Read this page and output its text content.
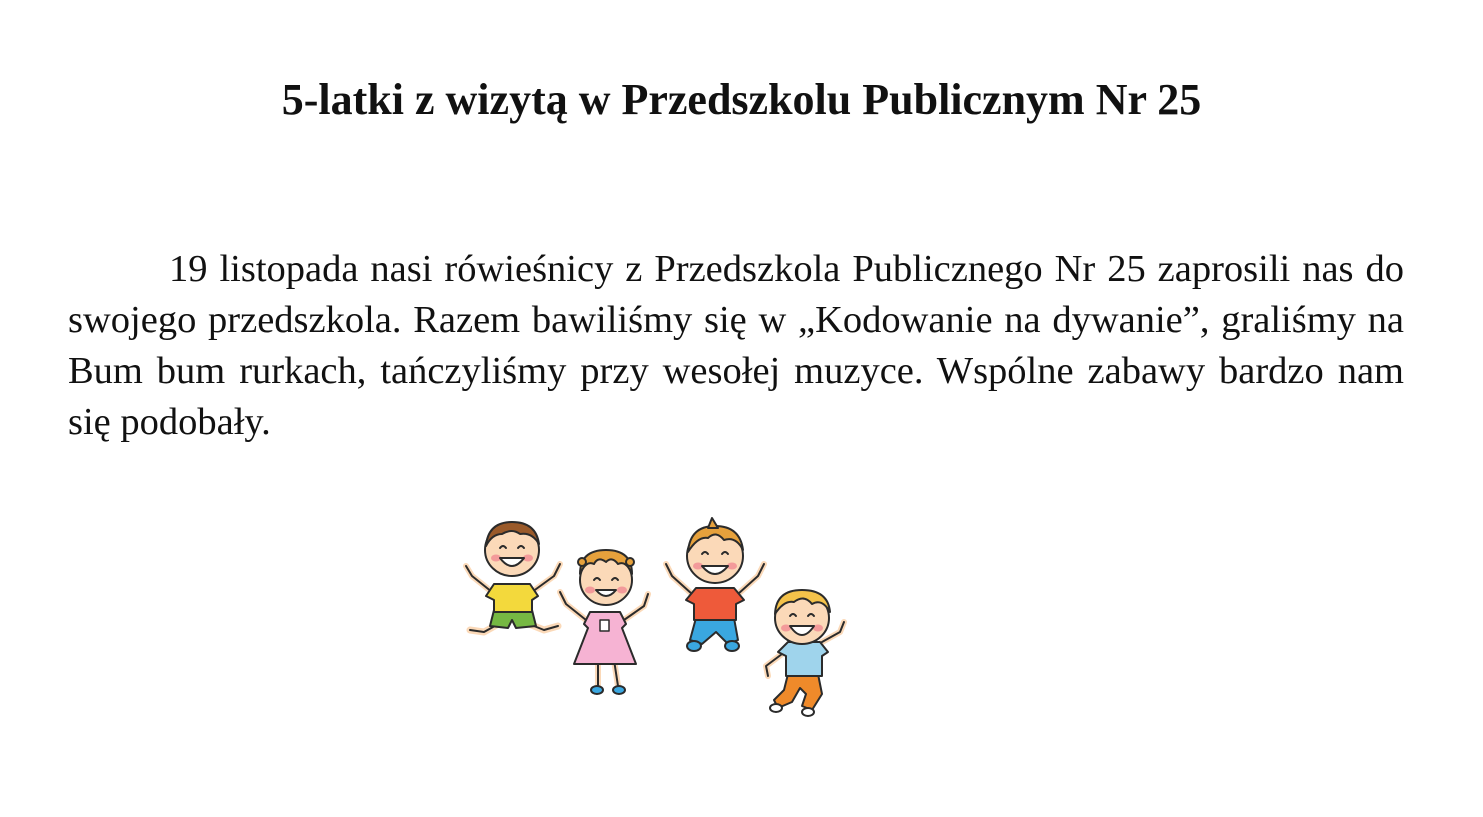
5-latki z wizytą w Przedszkolu Publicznym Nr 25

19 listopada nasi rówieśnicy z Przedszkola Publicznego Nr 25 zaprosili nas do swojego przedszkola. Razem bawiliśmy się w „Kodowanie na dywanie”, graliśmy na Bum bum rurkach, tańczyliśmy przy wesołej muzyce. Wspólne zabawy bardzo nam się podobały.
